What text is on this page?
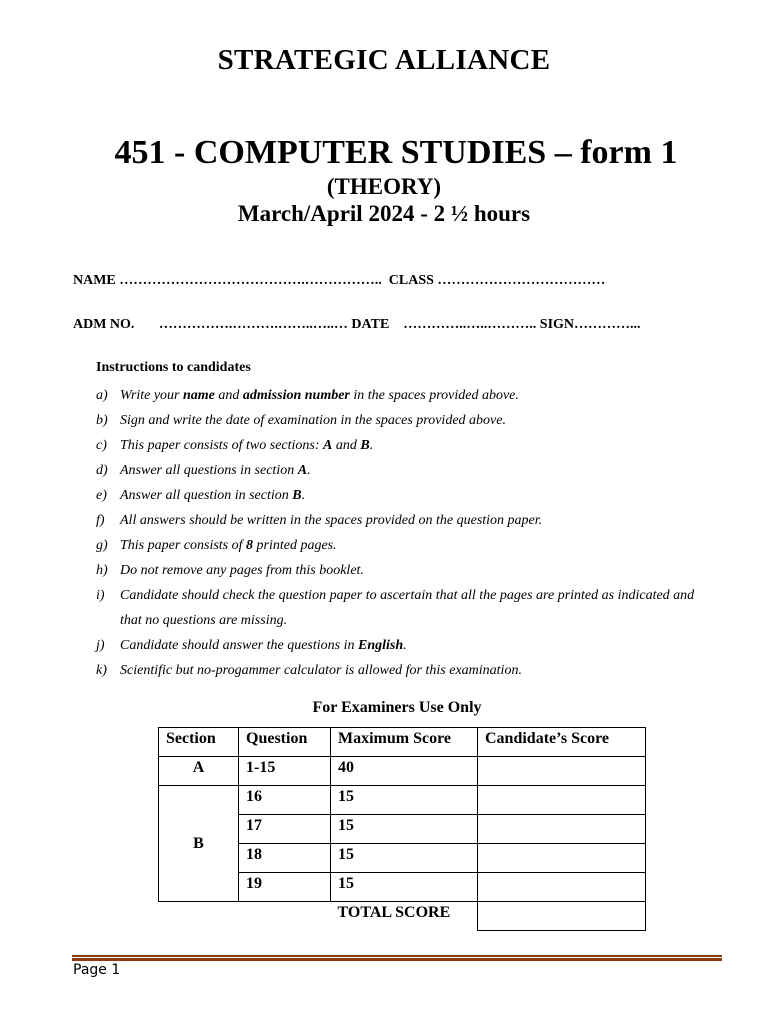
STRATEGIC ALLIANCE
451 - COMPUTER STUDIES – form 1
(THEORY)
March/April 2024 - 2 ½ hours
NAME ………………………………….……………..  CLASS ………………………………
ADM NO.       …………….……….……..…..… DATE    …………..…..……….. SIGN…………...
Instructions to candidates
a) Write your name and admission number in the spaces provided above.
b) Sign and write the date of examination in the spaces provided above.
c) This paper consists of two sections: A and B.
d) Answer all questions in section A.
e) Answer all question in section B.
f) All answers should be written in the spaces provided on the question paper.
g) This paper consists of 8 printed pages.
h) Do not remove any pages from this booklet.
i) Candidate should check the question paper to ascertain that all the pages are printed as indicated and that no questions are missing.
j) Candidate should answer the questions in English.
k) Scientific but no-progammer calculator is allowed for this examination.
For Examiners Use Only
Section	Question	Maximum Score	Candidate’s Score
A	1-15	40	
B	16	15	
	17	15	
	18	15	
	19	15	
		TOTAL SCORE	
Page 1
